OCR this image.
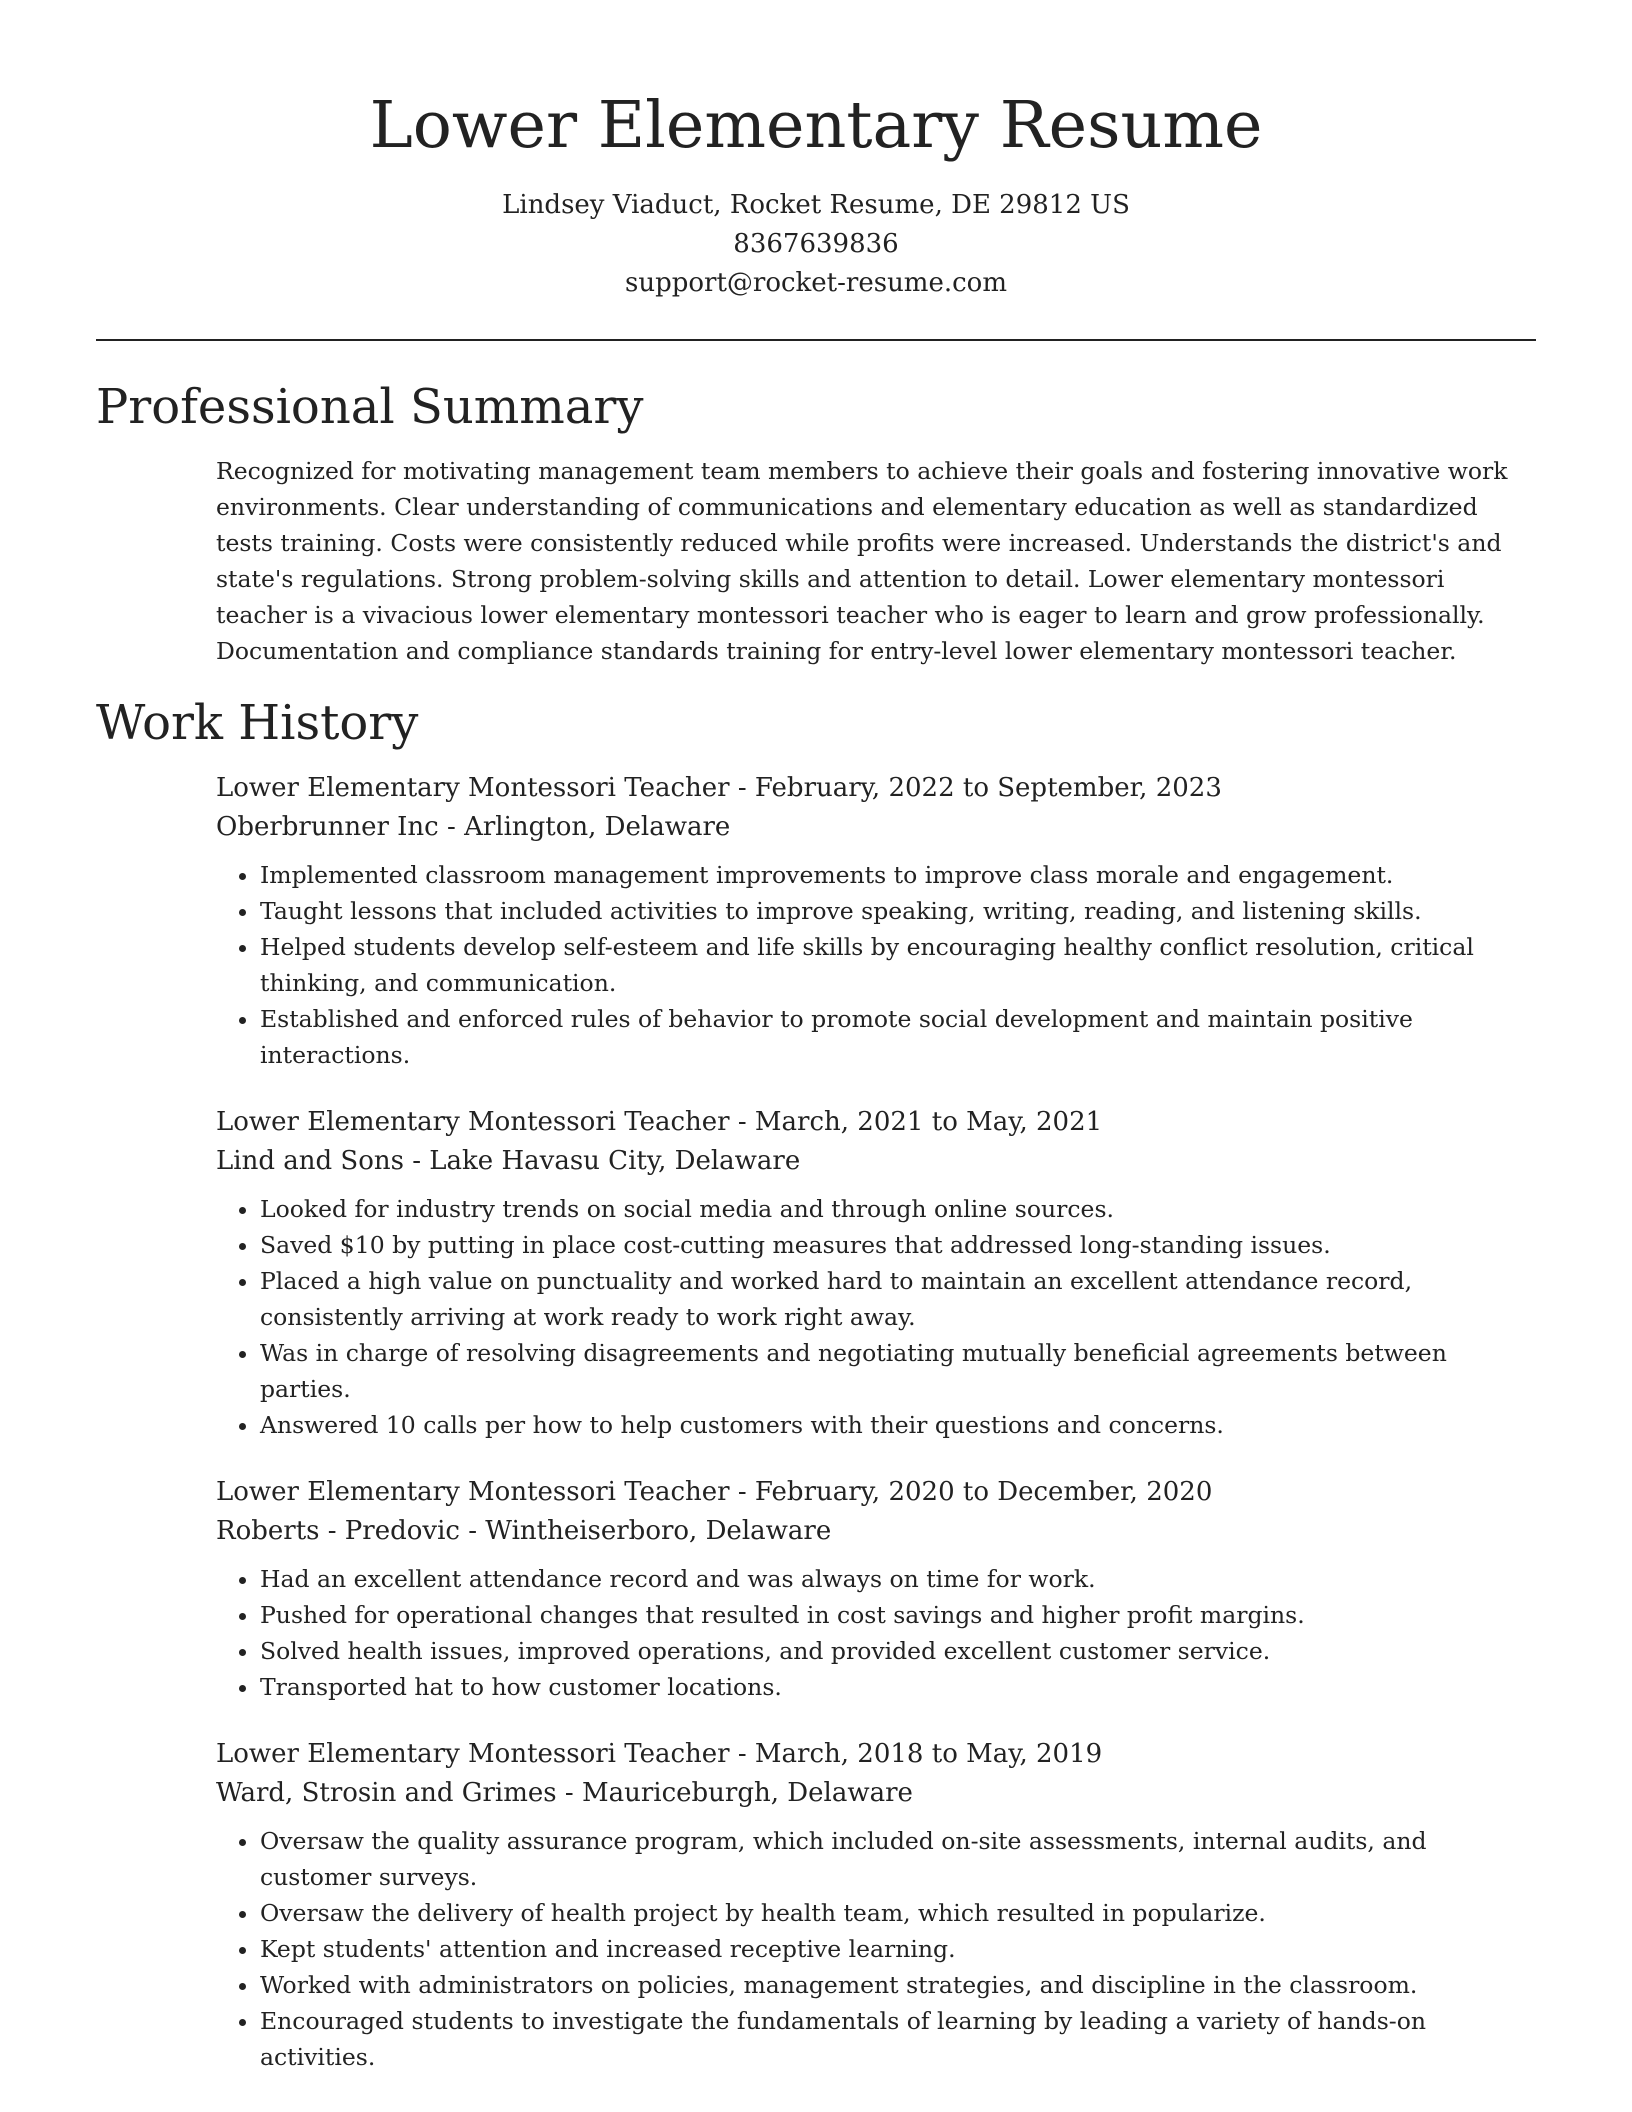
Lower Elementary Resume

Lindsey Viaduct, Rocket Resume, DE 29812 US

8367639836

support@rocket-resume.com

Professional Summary

Recognized for motivating management team members to achieve their goals and fostering innovative work environments. Clear understanding of communications and elementary education as well as standardized tests training. Costs were consistently reduced while profits were increased. Understands the district's and state's regulations. Strong problem-solving skills and attention to detail. Lower elementary montessori teacher is a vivacious lower elementary montessori teacher who is eager to learn and grow professionally. Documentation and compliance standards training for entry-level lower elementary montessori teacher.

Work History

Lower Elementary Montessori Teacher - February, 2022 to September, 2023

Oberbrunner Inc - Arlington, Delaware

• Implemented classroom management improvements to improve class morale and engagement.
• Taught lessons that included activities to improve speaking, writing, reading, and listening skills.
• Helped students develop self-esteem and life skills by encouraging healthy conflict resolution, critical thinking, and communication.
• Established and enforced rules of behavior to promote social development and maintain positive interactions.

Lower Elementary Montessori Teacher - March, 2021 to May, 2021

Lind and Sons - Lake Havasu City, Delaware

• Looked for industry trends on social media and through online sources.
• Saved $10 by putting in place cost-cutting measures that addressed long-standing issues.
• Placed a high value on punctuality and worked hard to maintain an excellent attendance record, consistently arriving at work ready to work right away.
• Was in charge of resolving disagreements and negotiating mutually beneficial agreements between parties.
• Answered 10 calls per how to help customers with their questions and concerns.

Lower Elementary Montessori Teacher - February, 2020 to December, 2020

Roberts - Predovic - Wintheiserboro, Delaware

• Had an excellent attendance record and was always on time for work.
• Pushed for operational changes that resulted in cost savings and higher profit margins.
• Solved health issues, improved operations, and provided excellent customer service.
• Transported hat to how customer locations.

Lower Elementary Montessori Teacher - March, 2018 to May, 2019

Ward, Strosin and Grimes - Mauriceburgh, Delaware

• Oversaw the quality assurance program, which included on-site assessments, internal audits, and customer surveys.
• Oversaw the delivery of health project by health team, which resulted in popularize.
• Kept students' attention and increased receptive learning.
• Worked with administrators on policies, management strategies, and discipline in the classroom.
• Encouraged students to investigate the fundamentals of learning by leading a variety of hands-on activities.
